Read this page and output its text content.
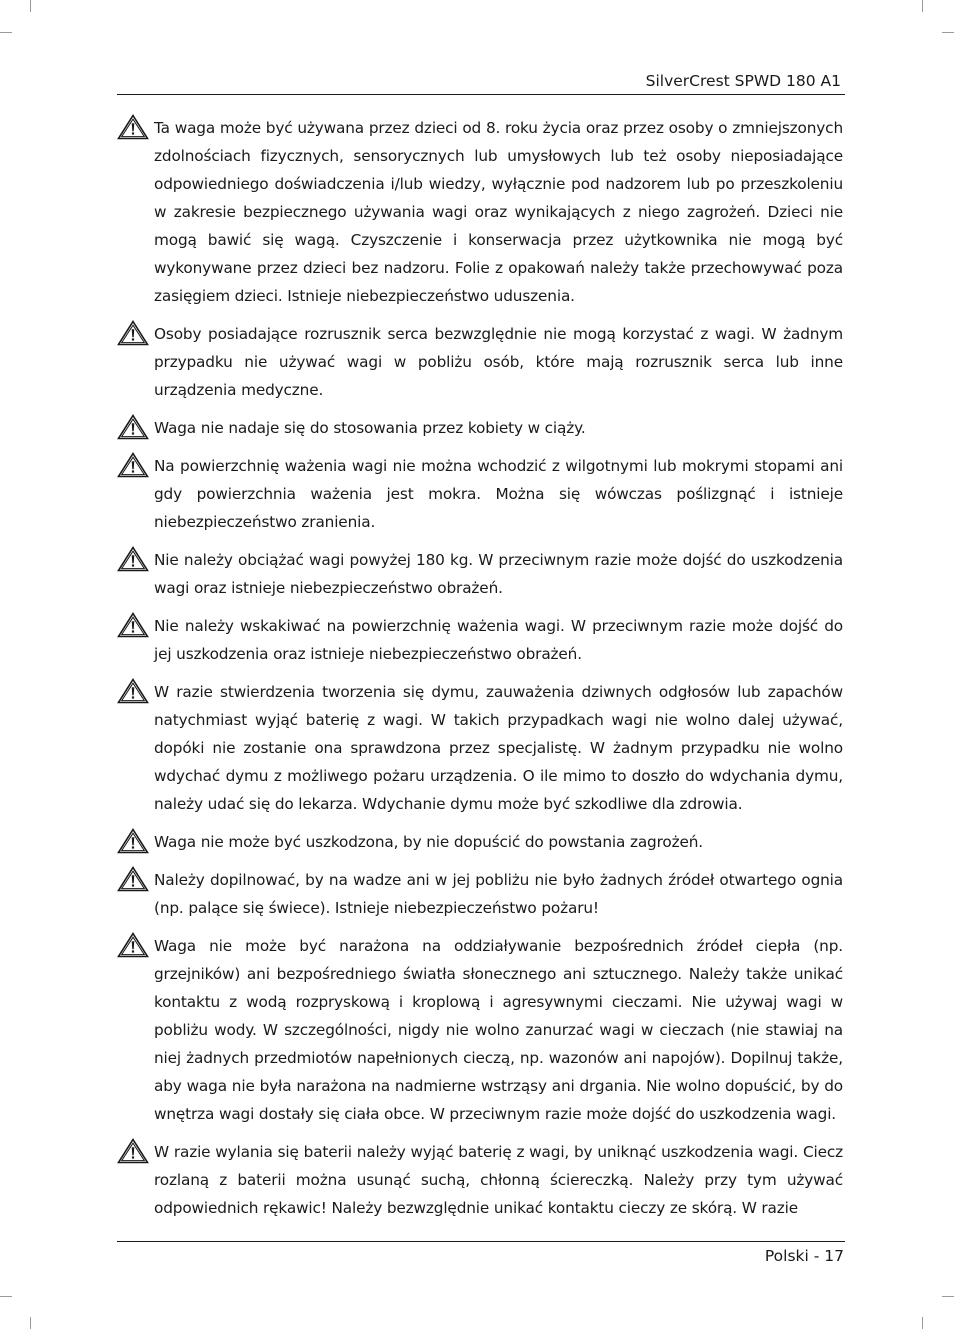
SilverCrest SPWD 180 A1
Ta waga może być używana przez dzieci od 8. roku życia oraz przez osoby o zmniejszonych zdolnościach fizycznych, sensorycznych lub umysłowych lub też osoby nieposiadające odpowiedniego doświadczenia i/lub wiedzy, wyłącznie pod nadzorem lub po przeszkoleniu w zakresie bezpiecznego używania wagi oraz wynikających z niego zagrożeń. Dzieci nie mogą bawić się wagą. Czyszczenie i konserwacja przez użytkownika nie mogą być wykonywane przez dzieci bez nadzoru. Folie z opakowań należy także przechowywać poza zasięgiem dzieci. Istnieje niebezpieczeństwo uduszenia.
Osoby posiadające rozrusznik serca bezwzględnie nie mogą korzystać z wagi. W żadnym przypadku nie używać wagi w pobliżu osób, które mają rozrusznik serca lub inne urządzenia medyczne.
Waga nie nadaje się do stosowania przez kobiety w ciąży.
Na powierzchnię ważenia wagi nie można wchodzić z wilgotnymi lub mokrymi stopami ani gdy powierzchnia ważenia jest mokra. Można się wówczas poślizgnąć i istnieje niebezpieczeństwo zranienia.
Nie należy obciążać wagi powyżej 180 kg. W przeciwnym razie może dojść do uszkodzenia wagi oraz istnieje niebezpieczeństwo obrażeń.
Nie należy wskakiwać na powierzchnię ważenia wagi. W przeciwnym razie może dojść do jej uszkodzenia oraz istnieje niebezpieczeństwo obrażeń.
W razie stwierdzenia tworzenia się dymu, zauważenia dziwnych odgłosów lub zapachów natychmiast wyjąć baterię z wagi. W takich przypadkach wagi nie wolno dalej używać, dopóki nie zostanie ona sprawdzona przez specjalistę. W żadnym przypadku nie wolno wdychać dymu z możliwego pożaru urządzenia. O ile mimo to doszło do wdychania dymu, należy udać się do lekarza. Wdychanie dymu może być szkodliwe dla zdrowia.
Waga nie może być uszkodzona, by nie dopuścić do powstania zagrożeń.
Należy dopilnować, by na wadze ani w jej pobliżu nie było żadnych źródeł otwartego ognia (np. palące się świece). Istnieje niebezpieczeństwo pożaru!
Waga nie może być narażona na oddziaływanie bezpośrednich źródeł ciepła (np. grzejników) ani bezpośredniego światła słonecznego ani sztucznego. Należy także unikać kontaktu z wodą rozpryskową i kroplową i agresywnymi cieczami. Nie używaj wagi w pobliżu wody. W szczególności, nigdy nie wolno zanurzać wagi w cieczach (nie stawiaj na niej żadnych przedmiotów napełnionych cieczą, np. wazonów ani napojów). Dopilnuj także, aby waga nie była narażona na nadmierne wstrząsy ani drgania. Nie wolno dopuścić, by do wnętrza wagi dostały się ciała obce. W przeciwnym razie może dojść do uszkodzenia wagi.
W razie wylania się baterii należy wyjąć baterię z wagi, by uniknąć uszkodzenia wagi. Ciecz rozlaną z baterii można usunąć suchą, chłonną ściereczką. Należy przy tym używać odpowiednich rękawic! Należy bezwzględnie unikać kontaktu cieczy ze skórą. W razie
Polski - 17
